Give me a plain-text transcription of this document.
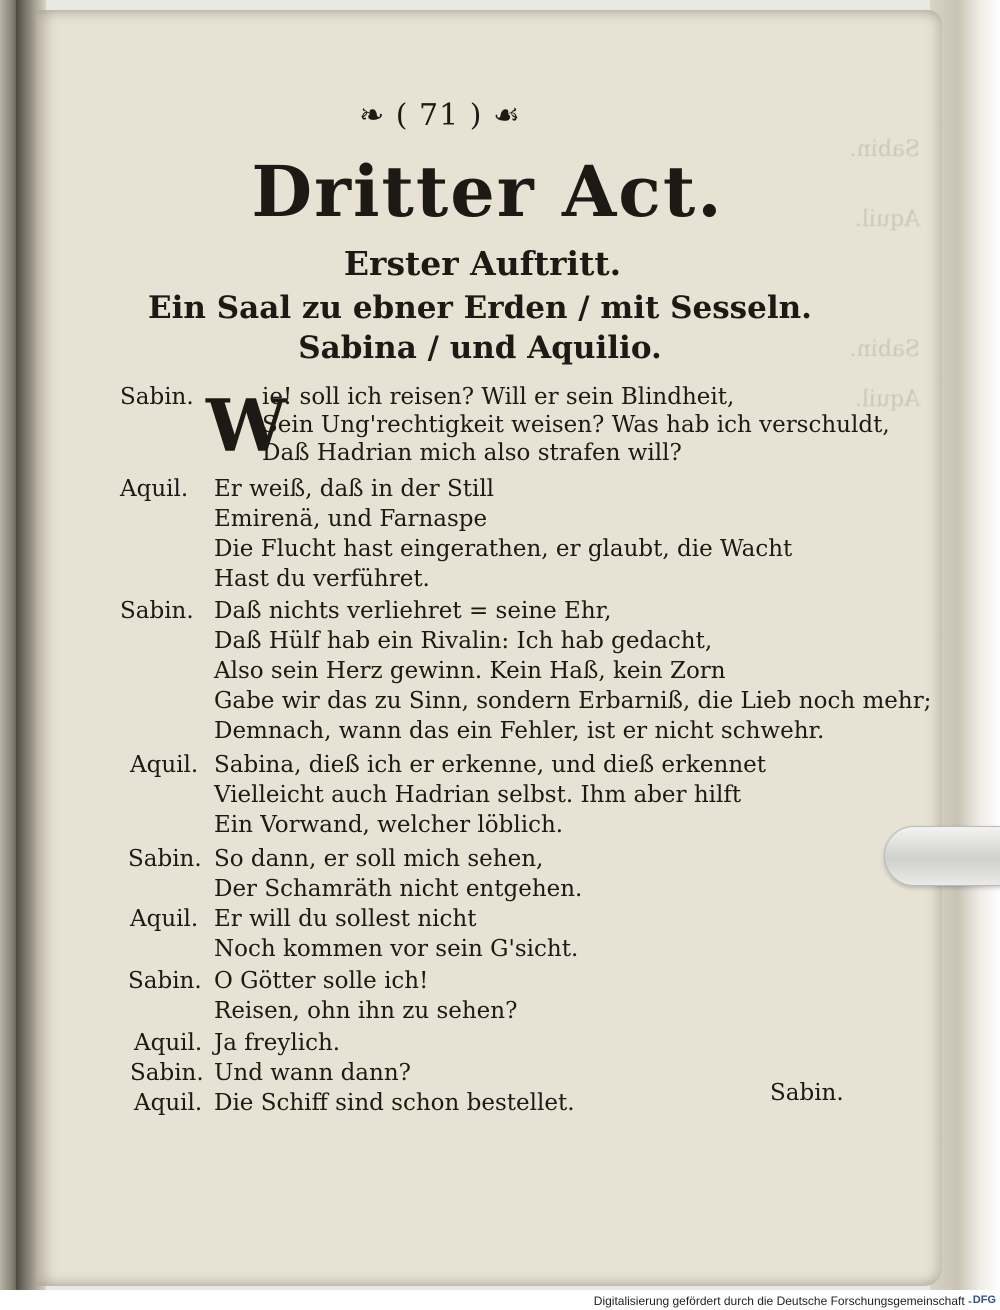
Sabin.
Aquil.
Sabin.
Aquil.
❧ ( 71 ) ☙
Dritter Act.
Erster Auftritt.
Ein Saal zu ebner Erden / mit Sesseln.
Sabina / und Aquilio.
Sabin. W
ie! soll ich reisen? Will er sein Blindheit,
Sein Ung'rechtigkeit weisen? Was hab ich verschuldt,
Daß Hadrian mich also strafen will?
Aquil. Er weiß, daß in der Still
Emirenä, und Farnaspe
Die Flucht hast eingerathen, er glaubt, die Wacht
Hast du verführet.
Sabin. Daß nichts verliehret = seine Ehr,
Daß Hülf hab ein Rivalin: Ich hab gedacht,
Also sein Herz gewinn. Kein Haß, kein Zorn
Gabe wir das zu Sinn, sondern Erbarniß, die Lieb noch mehr;
Demnach, wann das ein Fehler, ist er nicht schwehr.
Aquil. Sabina, dieß ich er erkenne, und dieß erkennet
Vielleicht auch Hadrian selbst. Ihm aber hilft
Ein Vorwand, welcher löblich.
Sabin. So dann, er soll mich sehen,
Der Schamräth nicht entgehen.
Aquil. Er will du sollest nicht
Noch kommen vor sein G'sicht.
Sabin. O Götter solle ich!
Reisen, ohn ihn zu sehen?
Aquil. Ja freylich.
Sabin. Und wann dann?
Aquil. Die Schiff sind schon bestellet.	Sabin.
Digitalisierung gefördert durch die Deutsche Forschungsgemeinschaft - DFG
